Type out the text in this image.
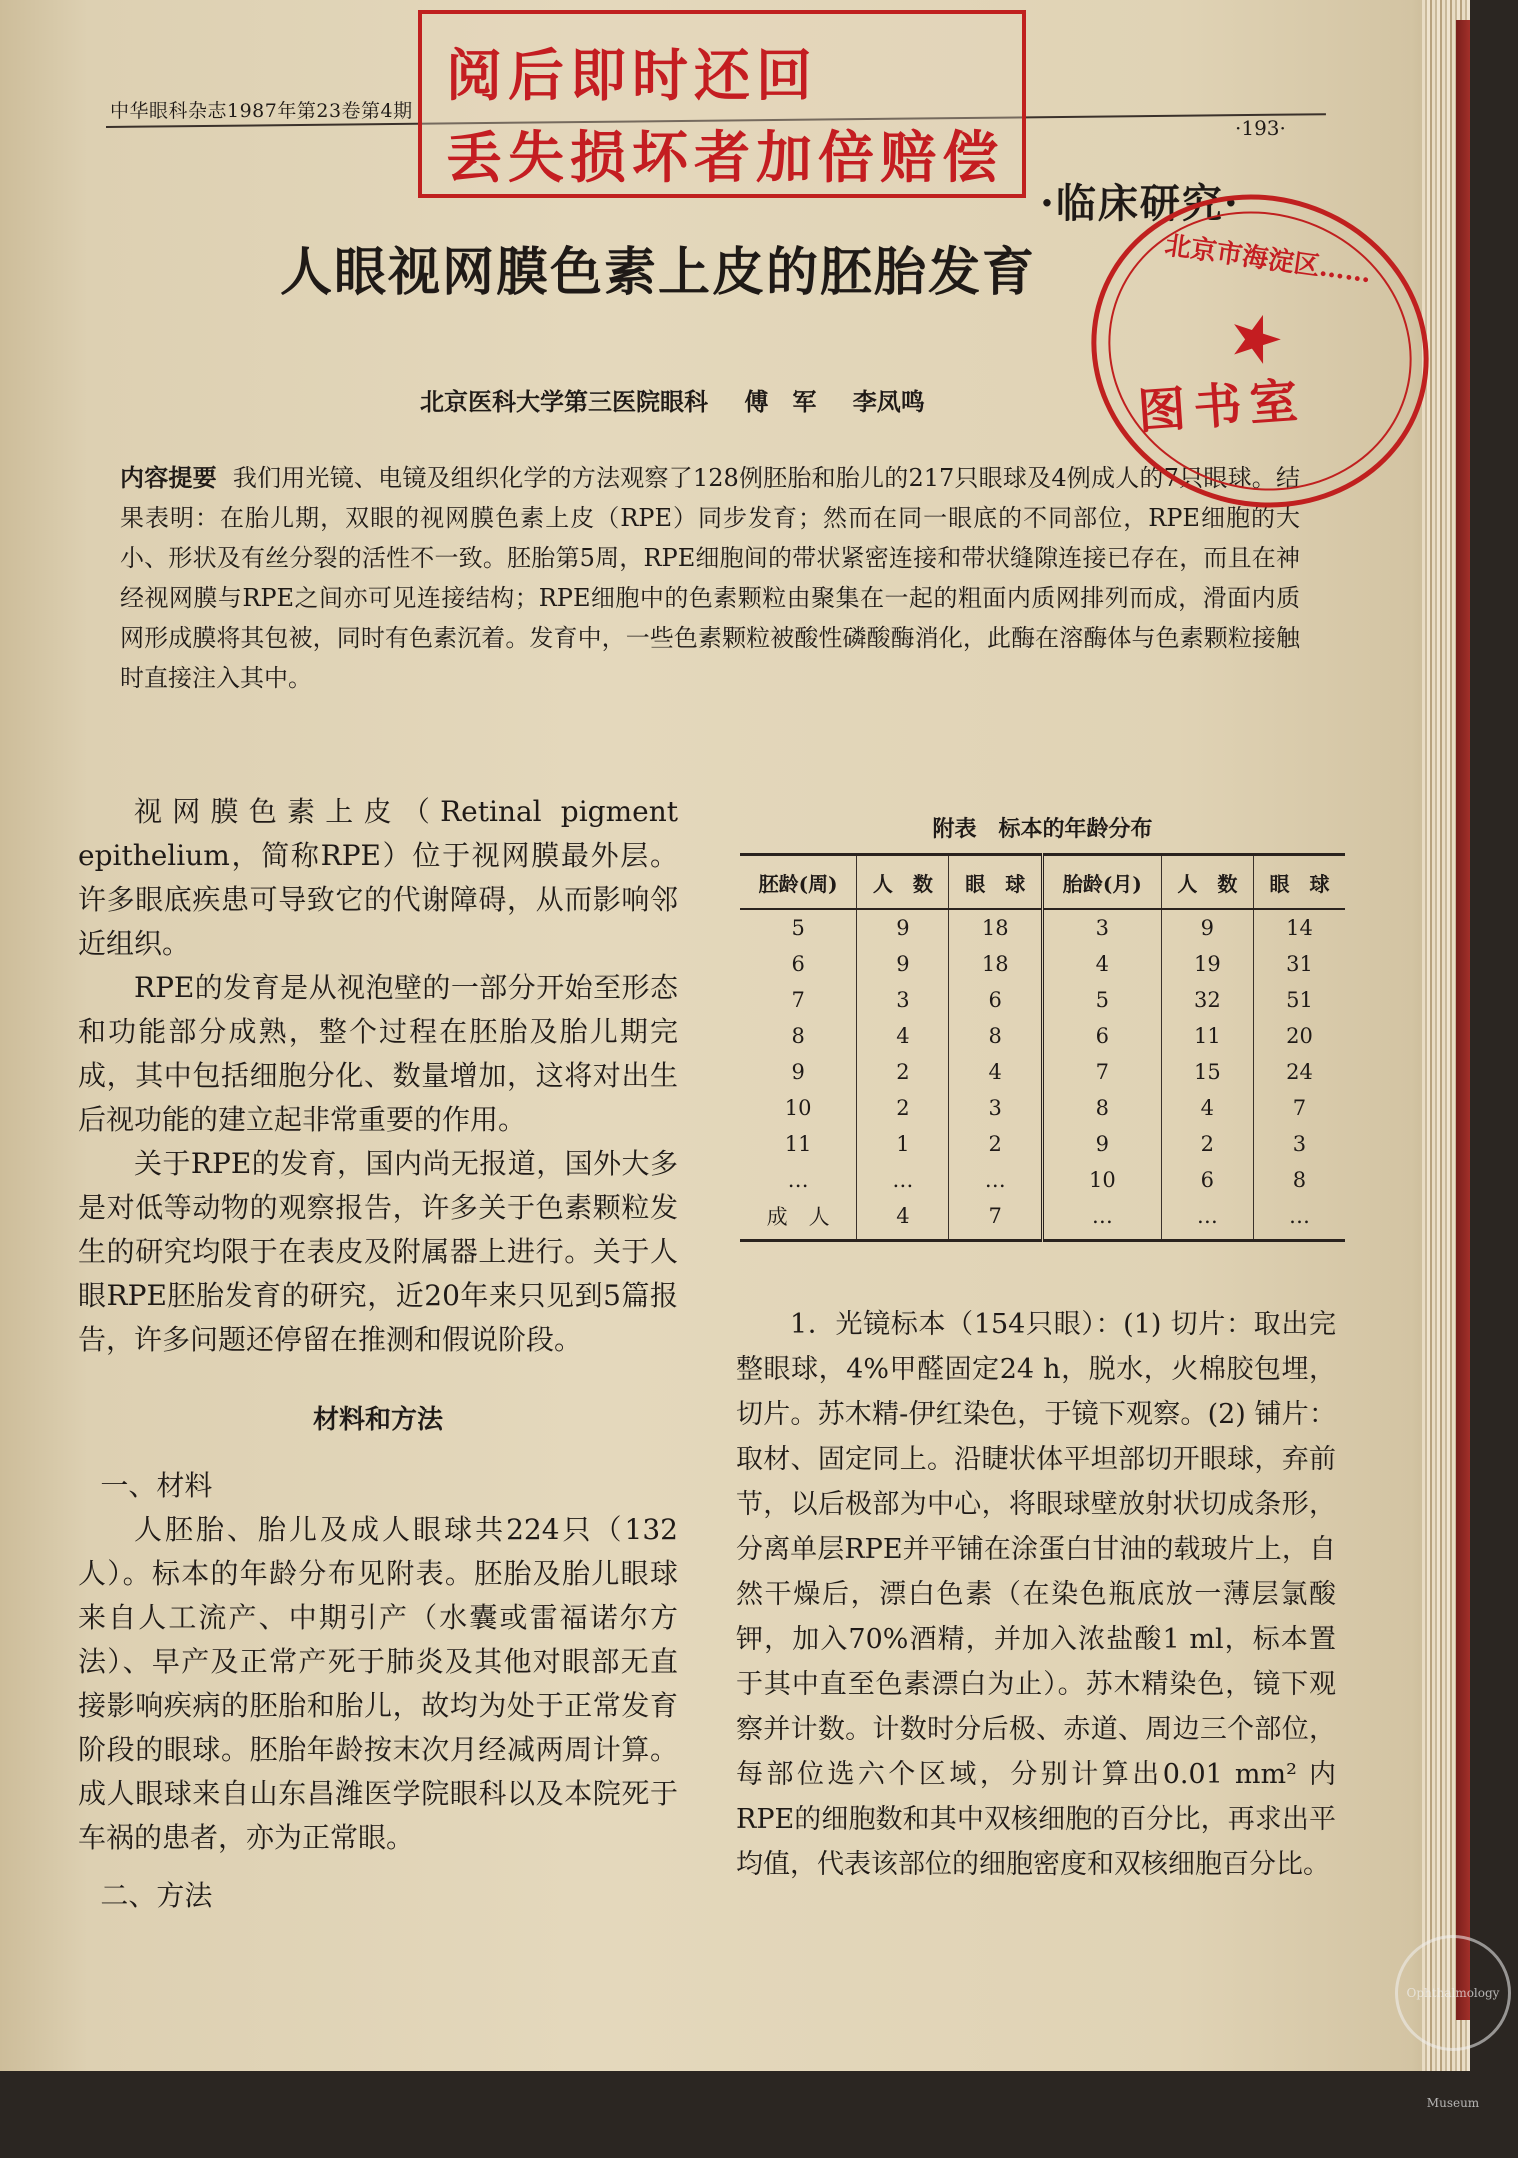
中华眼科杂志1987年第23卷第4期
·193·
·临床研究·
人眼视网膜色素上皮的胚胎发育
北京医科大学第三医院眼科 傅　军 李凤鸣
内容提要 我们用光镜、电镜及组织化学的方法观察了128例胚胎和胎儿的217只眼球及4例成人的7只眼球。结果表明：在胎儿期，双眼的视网膜色素上皮（RPE）同步发育；然而在同一眼底的不同部位，RPE细胞的大小、形状及有丝分裂的活性不一致。胚胎第5周，RPE细胞间的带状紧密连接和带状缝隙连接已存在，而且在神经视网膜与RPE之间亦可见连接结构；RPE细胞中的色素颗粒由聚集在一起的粗面内质网排列而成，滑面内质网形成膜将其包被，同时有色素沉着。发育中，一些色素颗粒被酸性磷酸酶消化，此酶在溶酶体与色素颗粒接触时直接注入其中。

视网膜色素上皮（Retinal pigment epithelium，简称RPE）位于视网膜最外层。许多眼底疾患可导致它的代谢障碍，从而影响邻近组织。

RPE的发育是从视泡壁的一部分开始至形态和功能部分成熟，整个过程在胚胎及胎儿期完成，其中包括细胞分化、数量增加，这将对出生后视功能的建立起非常重要的作用。

关于RPE的发育，国内尚无报道，国外大多是对低等动物的观察报告，许多关于色素颗粒发生的研究均限于在表皮及附属器上进行。关于人眼RPE胚胎发育的研究，近20年来只见到5篇报告，许多问题还停留在推测和假说阶段。

材料和方法

一、材料

人胚胎、胎儿及成人眼球共224只（132人）。标本的年龄分布见附表。胚胎及胎儿眼球来自人工流产、中期引产（水囊或雷福诺尔方法）、早产及正常产死于肺炎及其他对眼部无直接影响疾病的胚胎和胎儿，故均为处于正常发育阶段的眼球。胚胎年龄按末次月经减两周计算。成人眼球来自山东昌潍医学院眼科以及本院死于车祸的患者，亦为正常眼。

二、方法

附表　标本的年龄分布
胚龄(周)	人　数	眼　球	胎龄(月)	人　数	眼　球
5	9	18	3	9	14
6	9	18	4	19	31
7	3	6	5	32	51
8	4	8	6	11	20
9	2	4	7	15	24
10	2	3	8	4	7
11	1	2	9	2	3
…	…	…	10	6	8
成　人	4	7	…	…	…

1．光镜标本（154只眼）：(1) 切片：取出完整眼球，4%甲醛固定24 h，脱水，火棉胶包埋，切片。苏木精-伊红染色，于镜下观察。(2) 铺片：取材、固定同上。沿睫状体平坦部切开眼球，弃前节，以后极部为中心，将眼球壁放射状切成条形，分离单层RPE并平铺在涂蛋白甘油的载玻片上，自然干燥后，漂白色素（在染色瓶底放一薄层氯酸钾，加入70%酒精，并加入浓盐酸1 ml，标本置于其中直至色素漂白为止）。苏木精染色，镜下观察并计数。计数时分后极、赤道、周边三个部位，每部位选六个区域，分别计算出0.01 mm² 内RPE的细胞数和其中双核细胞的百分比，再求出平均值，代表该部位的细胞密度和双核细胞百分比。

阅后即时还回
丢失损坏者加倍赔偿
北京市海淀区……
★
图书室
Ophthalmology Museum
